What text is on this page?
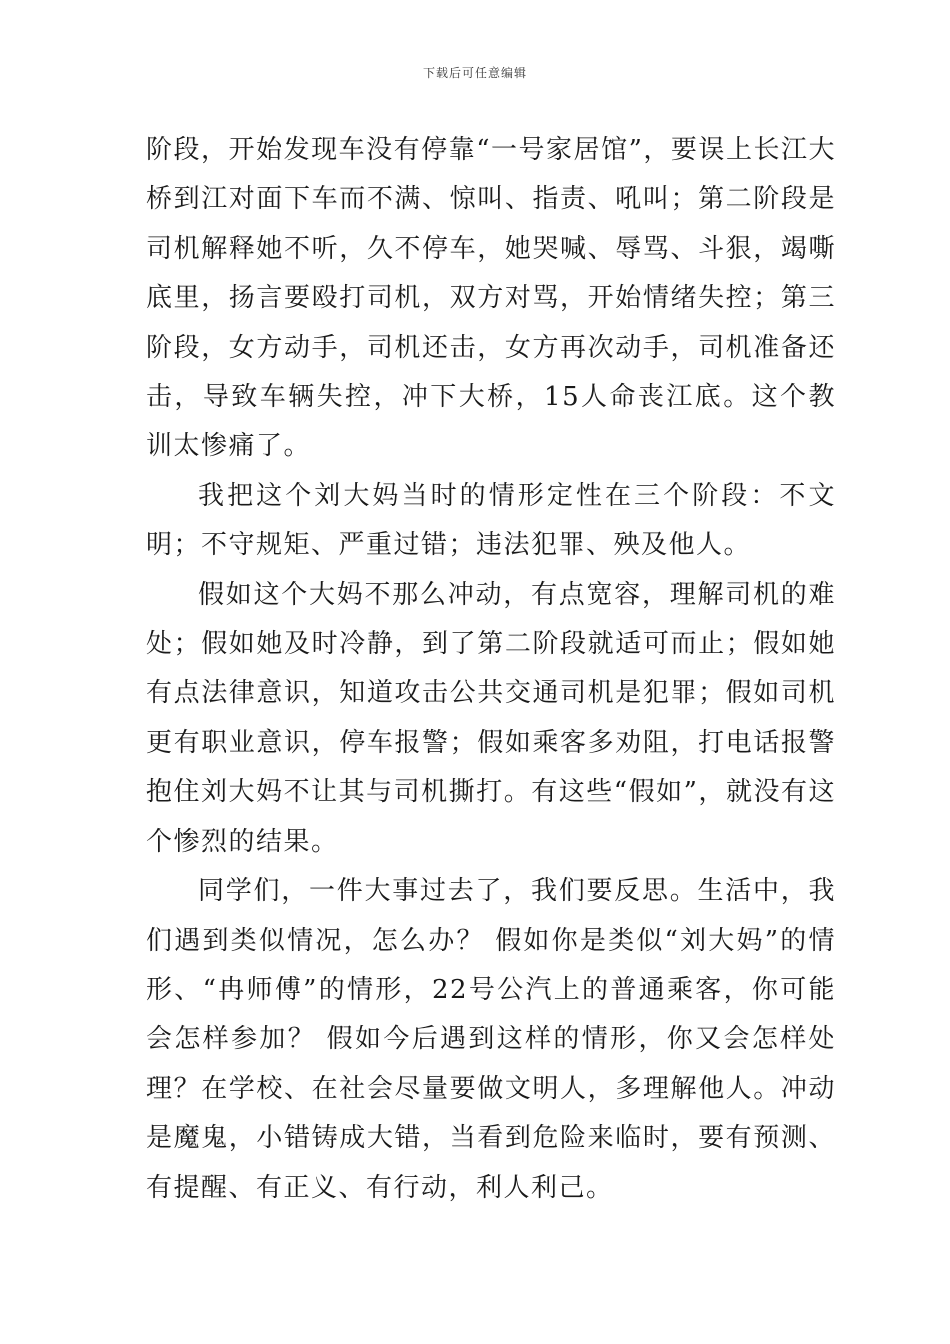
下载后可任意编辑

阶段，开始发现车没有停靠“一号家居馆”，要误上长江大桥到江对面下车而不满、惊叫、指责、吼叫；第二阶段是司机解释她不听，久不停车，她哭喊、辱骂、斗狠，竭嘶底里，扬言要殴打司机，双方对骂，开始情绪失控；第三阶段，女方动手，司机还击，女方再次动手，司机准备还击，导致车辆失控，冲下大桥，15人命丧江底。这个教训太惨痛了。

我把这个刘大妈当时的情形定性在三个阶段：不文明；不守规矩、严重过错；违法犯罪、殃及他人。

假如这个大妈不那么冲动，有点宽容，理解司机的难处；假如她及时冷静，到了第二阶段就适可而止；假如她有点法律意识，知道攻击公共交通司机是犯罪；假如司机更有职业意识，停车报警；假如乘客多劝阻，打电话报警抱住刘大妈不让其与司机撕打。有这些“假如”，就没有这个惨烈的结果。

同学们，一件大事过去了，我们要反思。生活中，我们遇到类似情况，怎么办？ 假如你是类似“刘大妈”的情形、“冉师傅”的情形，22号公汽上的普通乘客，你可能会怎样参加？ 假如今后遇到这样的情形，你又会怎样处理？在学校、在社会尽量要做文明人，多理解他人。冲动是魔鬼，小错铸成大错，当看到危险来临时，要有预测、有提醒、有正义、有行动，利人利己。
